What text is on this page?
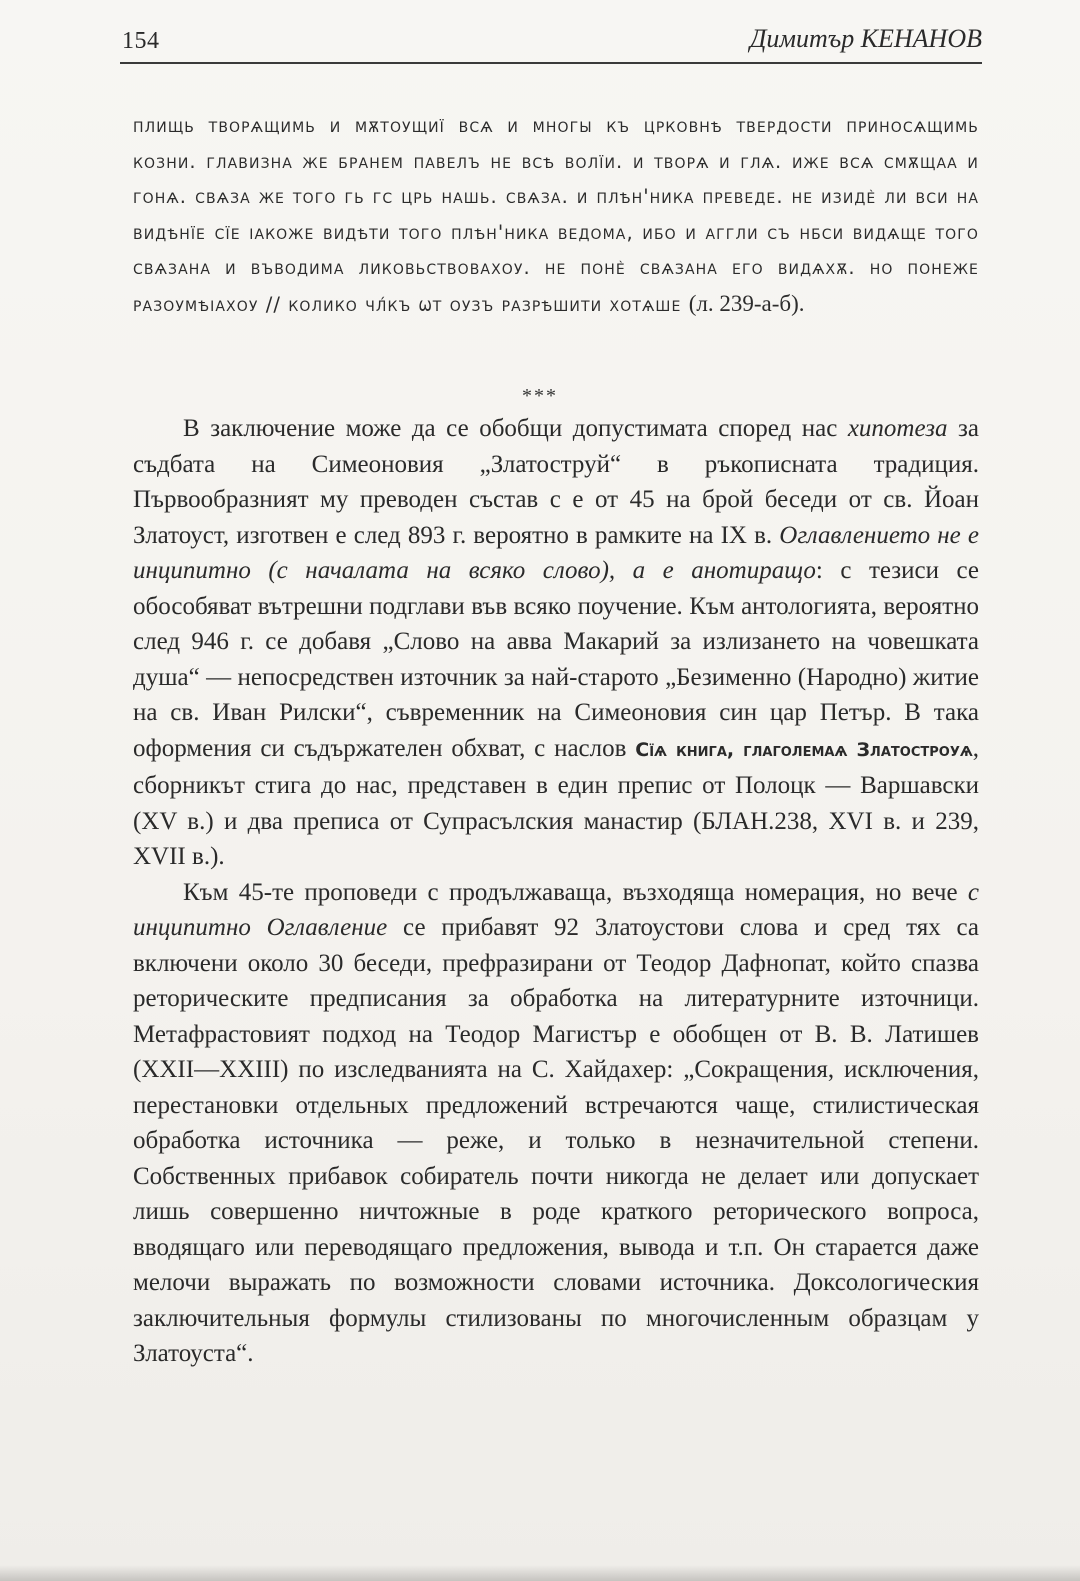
154	Димитър КЕНАНОВ
плищь творѧщимь и мѫтоущиї всѧ и многы къ црковнѣ твердости приносѧщимь козни. главизна же бранем павелъ не всѣ волїи. и творѧ и глѧ. иже всѧ смѫщаа и гонѧ. свѧза же того гь гс црь нашь. свѧза. и плѣн'ника преведе. не изидѐ ли вси на видѣнїе сїе ıакоже видѣти того плѣн'ника ведома, ибо и аггли съ нбси видѧще того свѧзана и въводима ликовьствовахоу. не понѐ свѧзана его видѧхѫ. но понеже разоумѣıахоу // колико чл́къ ѡт оузъ разрѣшити хотѧше (л. 239-а-б).
***

В заключение може да се обобщи допустимата според нас хипотеза за съдбата на Симеоновия „Златоструй“ в ръкописната традиция. Първообразният му преводен състав с е от 45 на брой беседи от св. Йоан Златоуст, изготвен е след 893 г. вероятно в рамките на IX в. Оглавлението не е инципитно (с началата на всяко слово), а е анотиращо: с тезиси се обособяват вътрешни подглави във всяко поучение. Към антологията, вероятно след 946 г. се добавя „Слово на авва Макарий за излизането на човешката душа“ — непосредствен източник за най-старото „Безименно (Народно) житие на св. Иван Рилски“, съвременник на Симеоновия син цар Петър. В така оформения си съдържателен обхват, с наслов Сїѧ книга, глаголемаѧ Златостроуѧ, сборникът стига до нас, представен в един препис от Полоцк — Варшавски (XV в.) и два преписа от Супрасълския манастир (БЛАН.238, XVI в. и 239, XVII в.).

Към 45-те проповеди с продължаваща, възходяща номерация, но вече с инципитно Оглавление се прибавят 92 Златоустови слова и сред тях са включени около 30 беседи, префразирани от Теодор Дафнопат, който спазва реторическите предписания за обработка на литературните източници. Метафрастовият подход на Теодор Магистър е обобщен от В. В. Латишев (XXII—XXIII) по изследванията на С. Хайдахер: „Сокращения, исключения, перестановки отдельных предложений встречаются чаще, стилистическая обработка источника — реже, и только в незначительной степени. Собственных прибавок собиратель почти никогда не делает или допускает лишь совершенно ничтожные в роде краткого реторического вопроса, вводящаго или переводящаго предложения, вывода и т.п. Он старается даже мелочи выражать по возможности словами источника. Доксологическия заключительныя формулы стилизованы по многочисленным образцам у Златоуста“.
